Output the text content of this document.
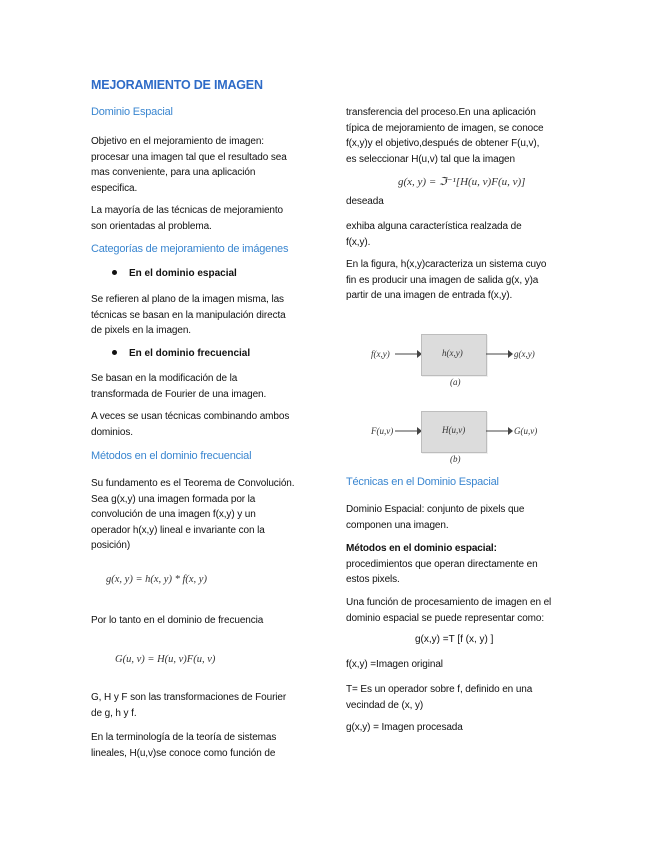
MEJORAMIENTO DE IMAGEN
Dominio Espacial
Objetivo en el mejoramiento de imagen:
procesar una imagen tal que el resultado sea
mas conveniente, para una aplicación
especifica.
La mayoría de las técnicas de mejoramiento
son orientadas al problema.
Categorías de mejoramiento de imágenes
En el dominio espacial
Se refieren al plano de la imagen misma, las
técnicas se basan en la manipulación directa
de pixels en la imagen.
En el dominio frecuencial
Se basan en la modificación de la
transformada de Fourier de una imagen.
A veces se usan técnicas combinando ambos
dominios.
Métodos en el dominio frecuencial
Su fundamento es el Teorema de Convolución.
Sea g(x,y) una imagen formada por la
convolución de una imagen f(x,y) y un
operador h(x,y) lineal e invariante con la
posición)
g(x, y) = h(x, y) * f(x, y)
Por lo tanto en el dominio de frecuencia
G(u, v) = H(u, v)F(u, v)
G, H y F son las transformaciones de Fourier
de g, h y f.
En la terminología de la teoría de sistemas
lineales, H(u,v)se conoce como función de
transferencia del proceso.En una aplicación
típica de mejoramiento de imagen, se conoce
f(x,y)y el objetivo,después de obtener F(u,v),
es seleccionar H(u,v) tal que la imagen
g(x, y) = ℑ⁻¹[H(u, v)F(u, v)]
deseada
exhiba alguna característica realzada de
f(x,y).
En la figura, h(x,y)caracteriza un sistema cuyo
fin es producir una imagen de salida g(x, y)a
partir de una imagen de entrada f(x,y).
f(x,y)	h(x,y)	g(x,y)
(a)
F(u,v)	H(u,v)	G(u,v)
(b)
Técnicas en el Dominio Espacial
Dominio Espacial: conjunto de pixels que
componen una imagen.
Métodos en el dominio espacial:
procedimientos que operan directamente en
estos pixels.
Una función de procesamiento de imagen en el
dominio espacial se puede representar como:
g(x,y) =T [f (x, y) ]
f(x,y) =Imagen original
T= Es un operador sobre f, definido en una
vecindad de (x, y)
g(x,y) = Imagen procesada
